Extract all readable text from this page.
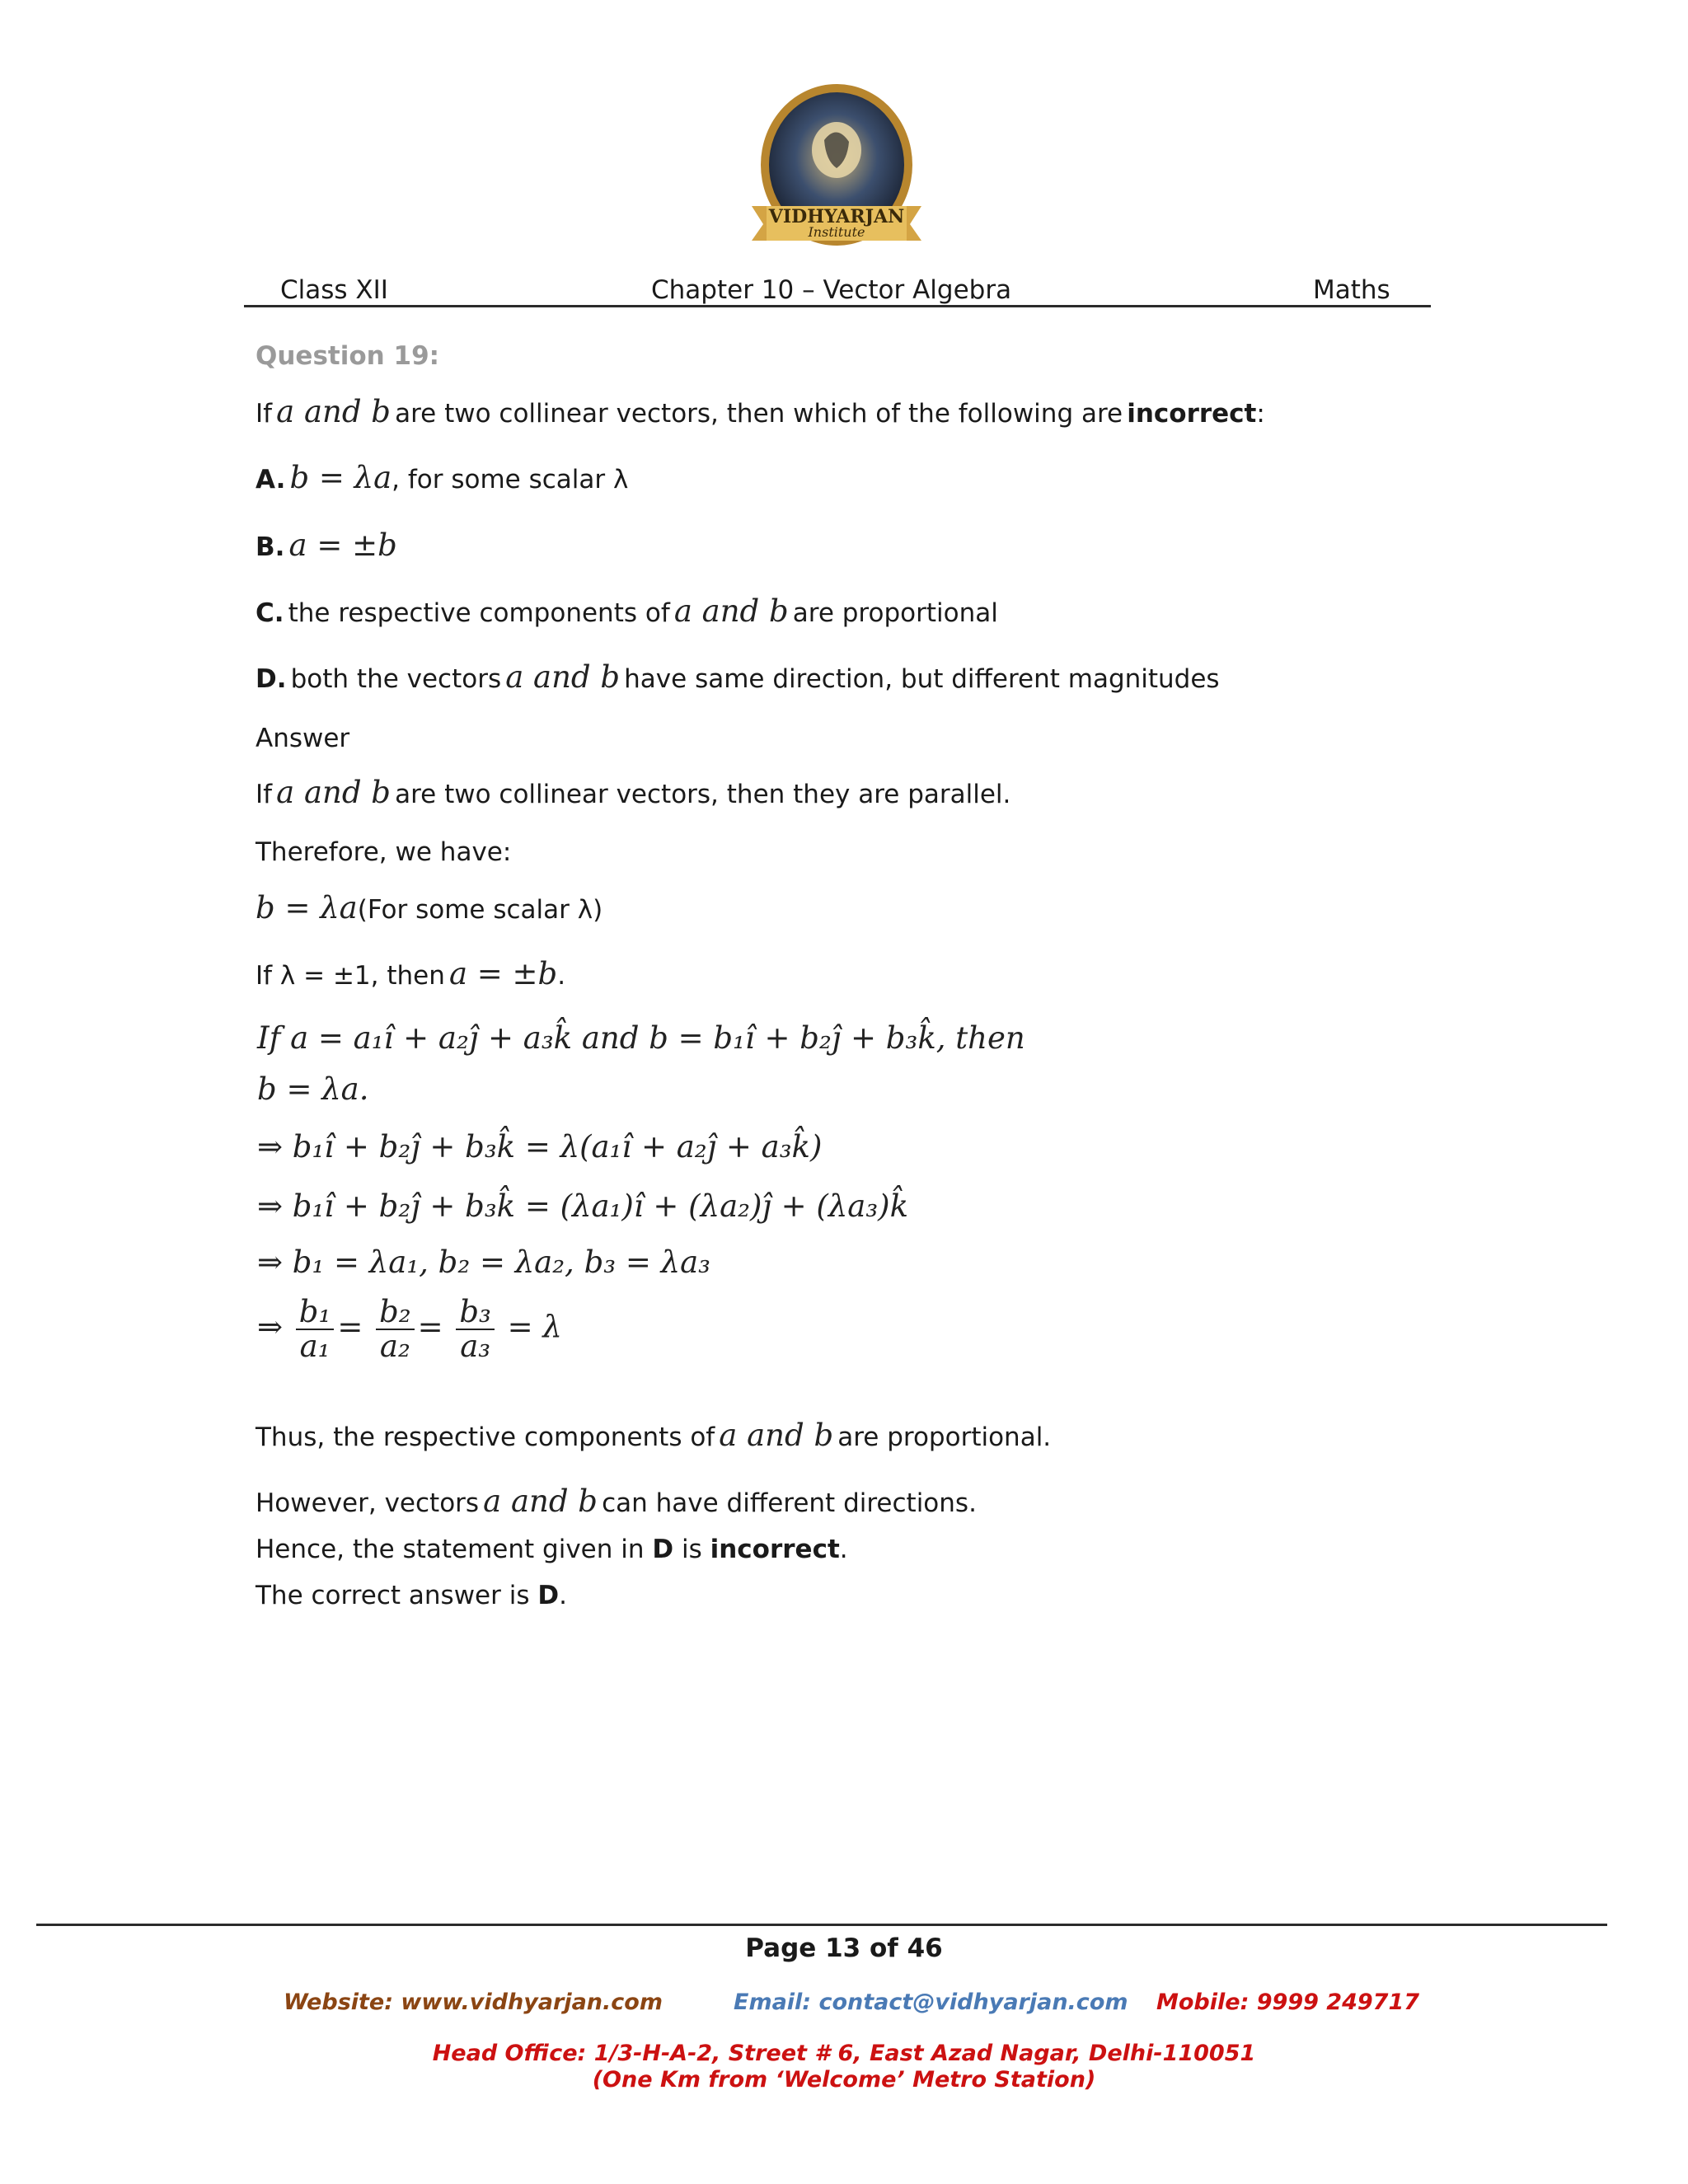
VIDHYARJAN
Institute
Class XII	Chapter 10 – Vector Algebra	Maths
Question 19:
If a and b are two collinear vectors, then which of the following are incorrect:
A. b = λa, for some scalar λ
B. a = ±b
C. the respective components of a and b are proportional
D. both the vectors a and b have same direction, but different magnitudes
Answer
If a and b are two collinear vectors, then they are parallel.
Therefore, we have:
b = λa(For some scalar λ)
If λ = ±1, then a = ±b.
If a = a₁î + a₂ĵ + a₃k̂ and b = b₁î + b₂ĵ + b₃k̂, then
b = λa.
⇒ b₁î + b₂ĵ + b₃k̂ = λ(a₁î + a₂ĵ + a₃k̂)
⇒ b₁î + b₂ĵ + b₃k̂ = (λa₁)î + (λa₂)ĵ + (λa₃)k̂
⇒ b₁ = λa₁, b₂ = λa₂, b₃ = λa₃
⇒ $\frac{\text{b₁}}{\text{a₁}} = \frac{\text{b₂}}{\text{a₂}} = \frac{\text{b₃}}{\text{a₃}} = \lambda$
Thus, the respective components of a and b are proportional.
However, vectors a and b can have different directions.
Hence, the statement given in D is incorrect.
The correct answer is D.
Page 13 of 46
Website: www.vidhyarjan.com	Email: contact@vidhyarjan.com Mobile: 9999 249717
Head Office: 1/3-H-A-2, Street # 6, East Azad Nagar, Delhi-110051
(One Km from ‘Welcome’ Metro Station)
